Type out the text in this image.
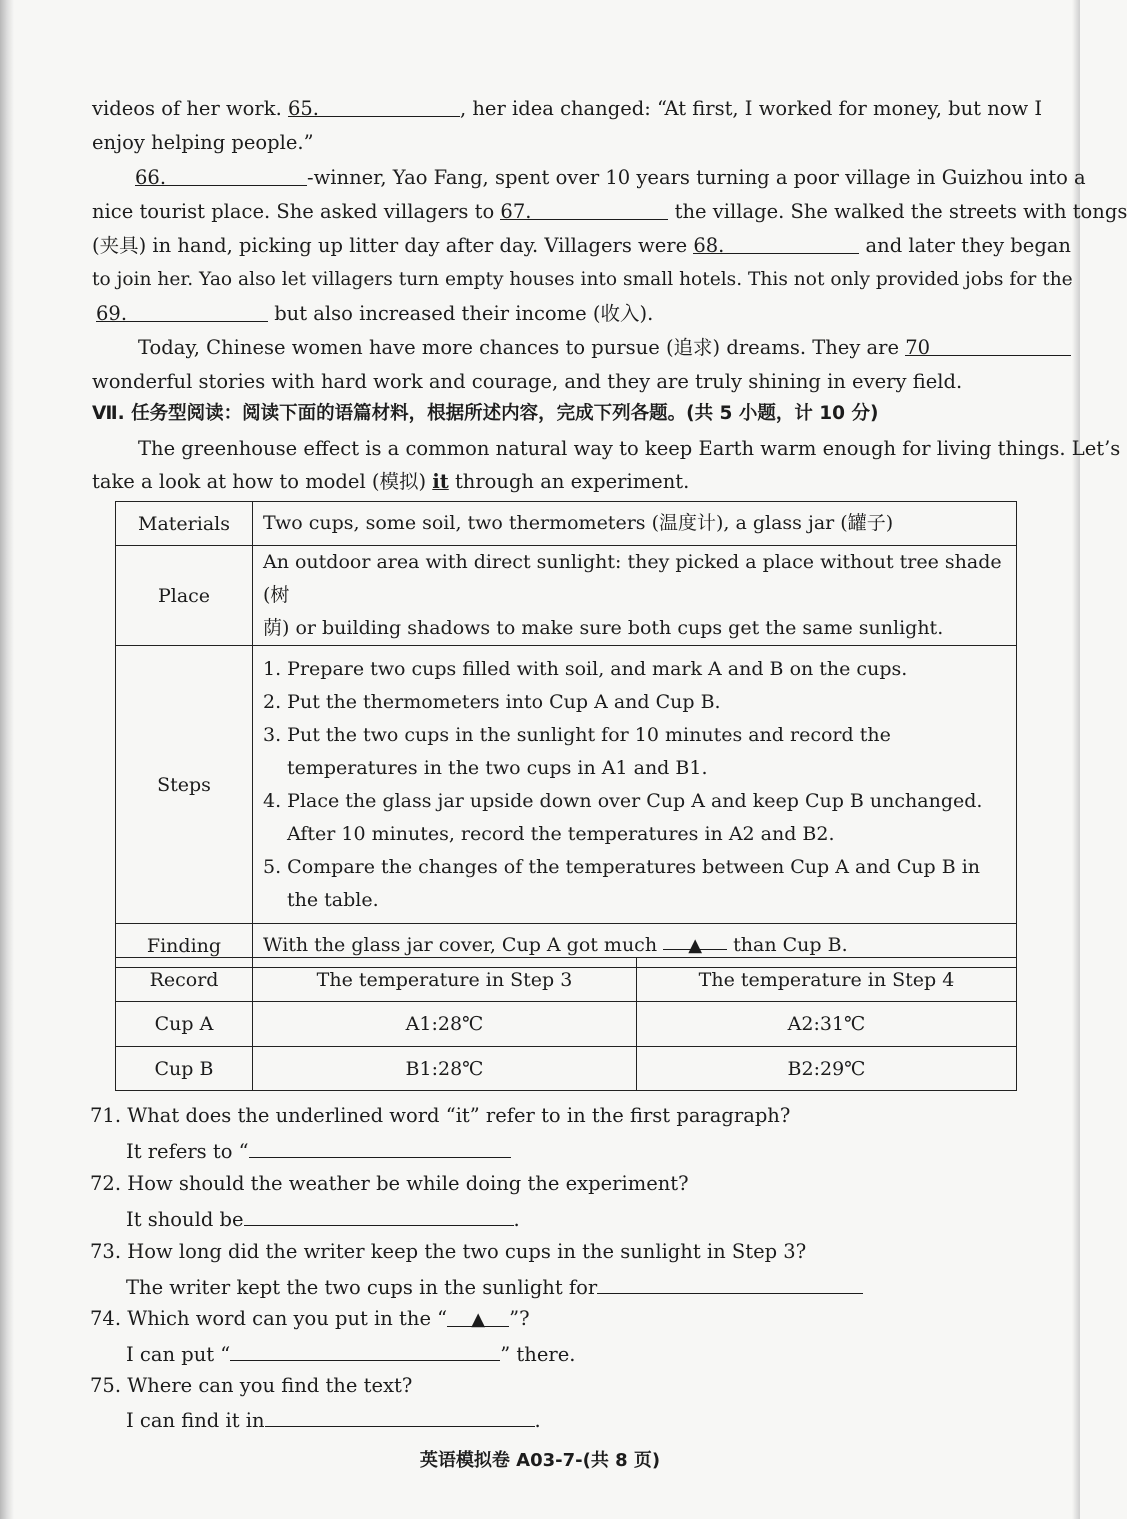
videos of her work. 65.	, her idea changed: “At first, I worked for money, but now I
enjoy helping people.”
66.	-winner, Yao Fang, spent over 10 years turning a poor village in Guizhou into a
nice tourist place. She asked villagers to 67.	the village. She walked the streets with tongs
(夹具) in hand, picking up litter day after day. Villagers were 68.	and later they began
to join her. Yao also let villagers turn empty houses into small hotels. This not only provided jobs for the
69.	but also increased their income (收入).
Today, Chinese women have more chances to pursue (追求) dreams. They are 70
wonderful stories with hard work and courage, and they are truly shining in every field.
Ⅶ. 任务型阅读：阅读下面的语篇材料，根据所述内容，完成下列各题。(共 5 小题，计 10 分)
The greenhouse effect is a common natural way to keep Earth warm enough for living things. Let’s
take a look at how to model (模拟) it through an experiment.
Materials	Two cups, some soil, two thermometers (温度计), a glass jar (罐子)
Place	An outdoor area with direct sunlight: they picked a place without tree shade (树
荫) or building shadows to make sure both cups get the same sunlight.

Steps	1. Prepare two cups filled with soil, and mark A and B on the cups.
2. Put the thermometers into Cup A and Cup B.
3. Put the two cups in the sunlight for 10 minutes and record the temperatures in the two cups in A1 and B1.
4. Place the glass jar upside down over Cup A and keep Cup B unchanged. After 10 minutes, record the temperatures in A2 and B2.
5. Compare the changes of the temperatures between Cup A and Cup B in the table.

Finding	With the glass jar cover, Cup A got much ▲ than Cup B.
Record	The temperature in Step 3	The temperature in Step 4
Cup A	A1:28℃	A2:31℃
Cup B	B1:28℃	B2:29℃
71. What does the underlined word “it” refer to in the first paragraph?
It refers to “
72. How should the weather be while doing the experiment?
It should be	.
73. How long did the writer keep the two cups in the sunlight in Step 3?
The writer kept the two cups in the sunlight for
74. Which word can you put in the “ ▲ ”?
I can put “	” there.
75. Where can you find the text?
I can find it in	.
英语模拟卷 A03-7-(共 8 页)
